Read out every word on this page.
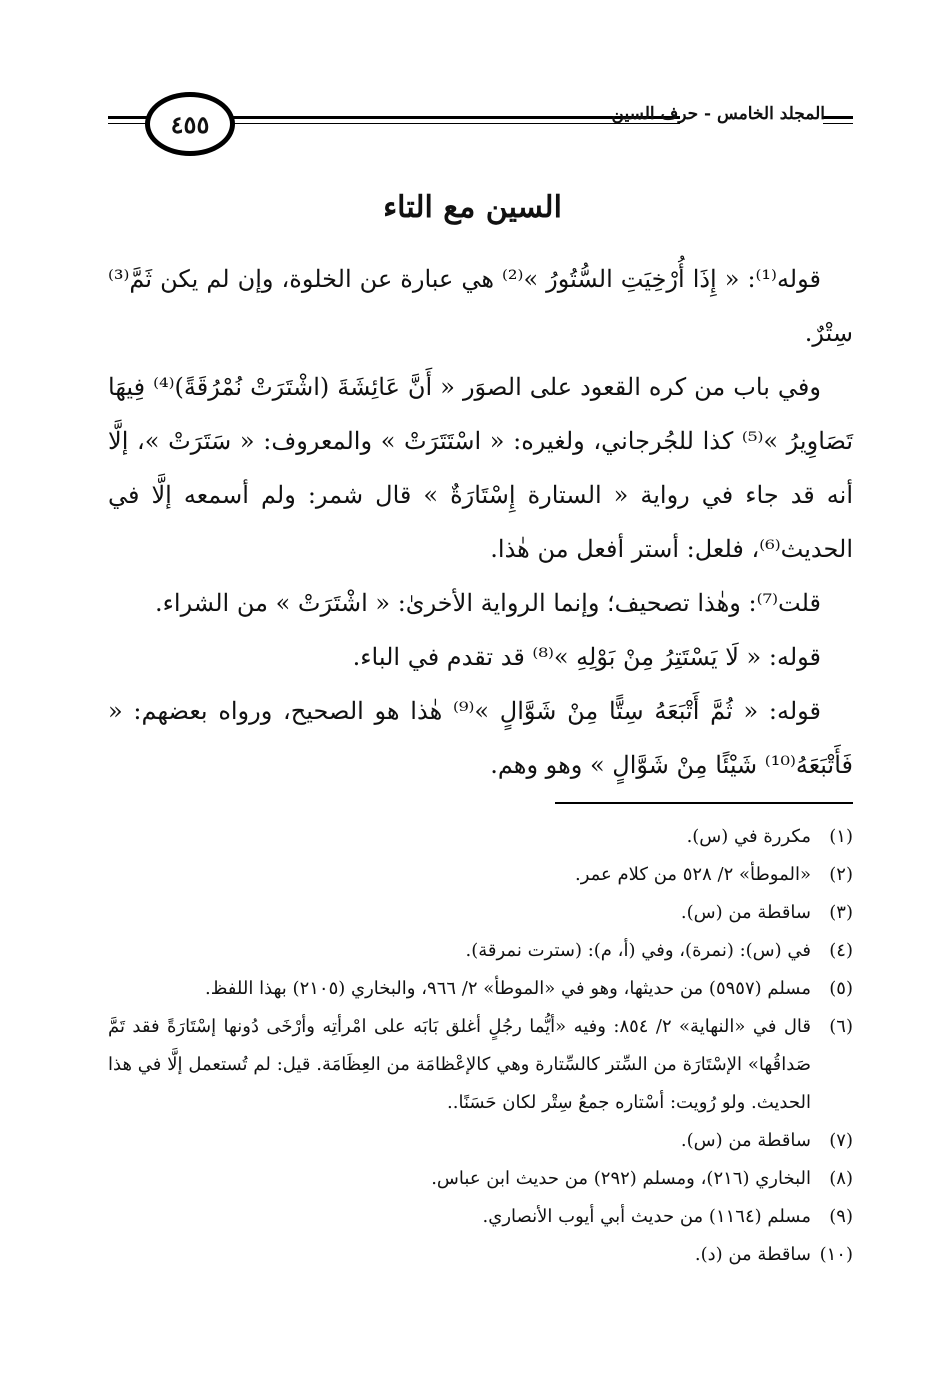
٤٥٥	المجلد الخامس - حرف السين
السين مع التاء

قوله⁽¹⁾: « إِذَا أُرْخِيَتِ السُّتُورُ »⁽²⁾ هي عبارة عن الخلوة، وإن لم يكن ثَمَّ⁽³⁾ سِتْرٌ.

وفي باب من كره القعود على الصوَر « أَنَّ عَائِشَةَ (اشْتَرَتْ نُمْرُقَةً)⁽⁴⁾ فِيهَا تَصَاوِيرُ »⁽⁵⁾ كذا للجُرجاني، ولغيره: « اسْتَتَرَتْ » والمعروف: « سَتَرَتْ »، إلَّا أنه قد جاء في رواية « الستارة إِسْتَارَةٌ » قال شمر: ولم أسمعه إلَّا في الحديث⁽⁶⁾، فلعل: أستر أفعل من هٰذا.

قلت⁽⁷⁾: وهٰذا تصحيف؛ وإنما الرواية الأخرىٰ: « اشْتَرَتْ » من الشراء.

قوله: « لَا يَسْتَتِرُ مِنْ بَوْلِهِ »⁽⁸⁾ قد تقدم في الباء.

قوله: « ثُمَّ أَتْبَعَهُ سِتًّا مِنْ شَوَّالٍ »⁽⁹⁾ هٰذا هو الصحيح، ورواه بعضهم: « فَأَتْبَعَهُ⁽¹⁰⁾ شَيْئًا مِنْ شَوَّالٍ » وهو وهم.

(١)
مكررة في (س).
(٢)
«الموطأ» ٢/ ٥٢٨ من كلام عمر.
(٣)
ساقطة من (س).
(٤)
في (س): (نمرة)، وفي (أ، م): (سترت نمرقة).
(٥)
مسلم (٥٩٥٧) من حديثها، وهو في «الموطأ» ٢/ ٩٦٦، والبخاري (٢١٠٥) بهذا اللفظ.
(٦)
قال في «النهاية» ٢/ ٨٥٤: وفيه «أيُّما رجُلٍ أغلق بَابَه على امْرأتِه وأرْخَى دُونها إسْتَارَةً فقد تَمَّ صَداقُها» الإسْتَارَة من السِّتر كالسِّتارة وهي كالإعْظامَة من العِظَامَة. قيل: لم تُستعمل إلَّا في هذا الحديث. ولو رُويت: أسْتاره جمعُ سِتْر لكان حَسَنًا..
(٧)
ساقطة من (س).
(٨)
البخاري (٢١٦)، ومسلم (٢٩٢) من حديث ابن عباس.
(٩)
مسلم (١١٦٤) من حديث أبي أيوب الأنصاري.
(١٠)
ساقطة من (د).
